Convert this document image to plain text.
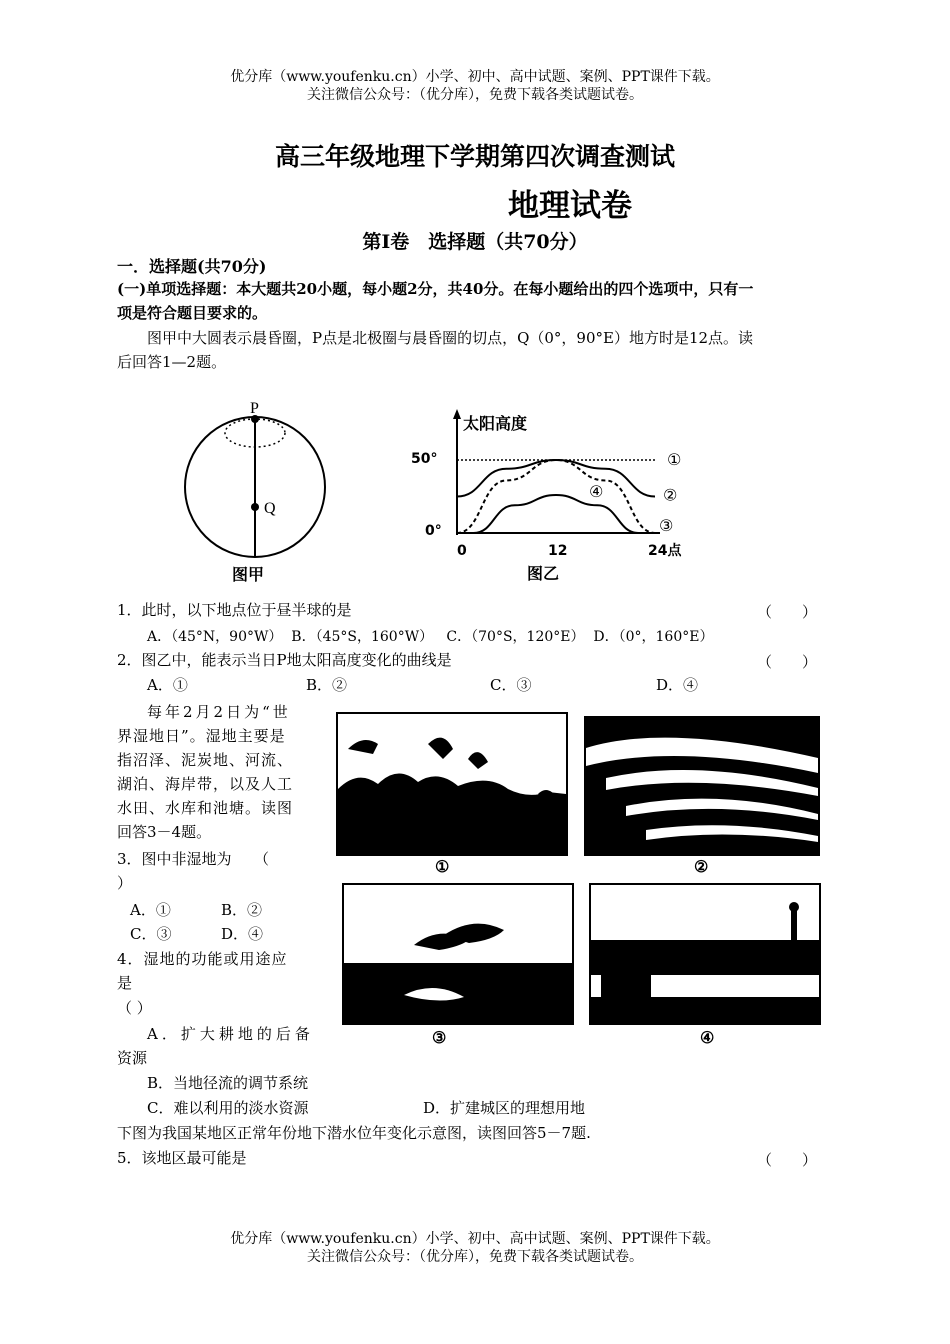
优分库（www.youfenku.cn）小学、初中、高中试题、案例、PPT课件下载。
关注微信公众号：（优分库），免费下载各类试题试卷。
高三年级地理下学期第四次调查测试
地理试卷
第Ⅰ卷　选择题（共70分）
一．选择题(共70分)
(一)单项选择题：本大题共20小题，每小题2分，共40分。在每小题给出的四个选项中，只有一
项是符合题目要求的。
图甲中大圆表示晨昏圈，P点是北极圈与晨昏圈的切点，Q（0°，90°E）地方时是12点。读
后回答1—2题。
P
Q
图甲
太阳高度
50°
0°
0	12	24点
①
②
③
④
图乙
1．此时，以下地点位于昼半球的是	（　　）
A．（45°N，90°W）  B．（45°S，160°W）   C．（70°S，120°E）  D．（0°，160°E）
2．图乙中，能表示当日P地太阳高度变化的曲线是	（　　）
A．①	B．②	C．③	D．④
每年2月2日为“世
界湿地日”。湿地主要是
指沼泽、泥炭地、河流、
湖泊、海岸带，以及人工
水田、水库和池塘。读图
回答3－4题。
3．图中非湿地为　　（
）
A．①	B．②
C．③	D．④
4．湿地的功能或用途应
是
（ ）
A．扩大耕地的后备
资源
B．当地径流的调节系统
C．难以利用的淡水资源	D．扩建城区的理想用地
下图为我国某地区正常年份地下潜水位年变化示意图，读图回答5－7题.
5．该地区最可能是	（　　）
①	②
③	④
优分库（www.youfenku.cn）小学、初中、高中试题、案例、PPT课件下载。
关注微信公众号：（优分库），免费下载各类试题试卷。
